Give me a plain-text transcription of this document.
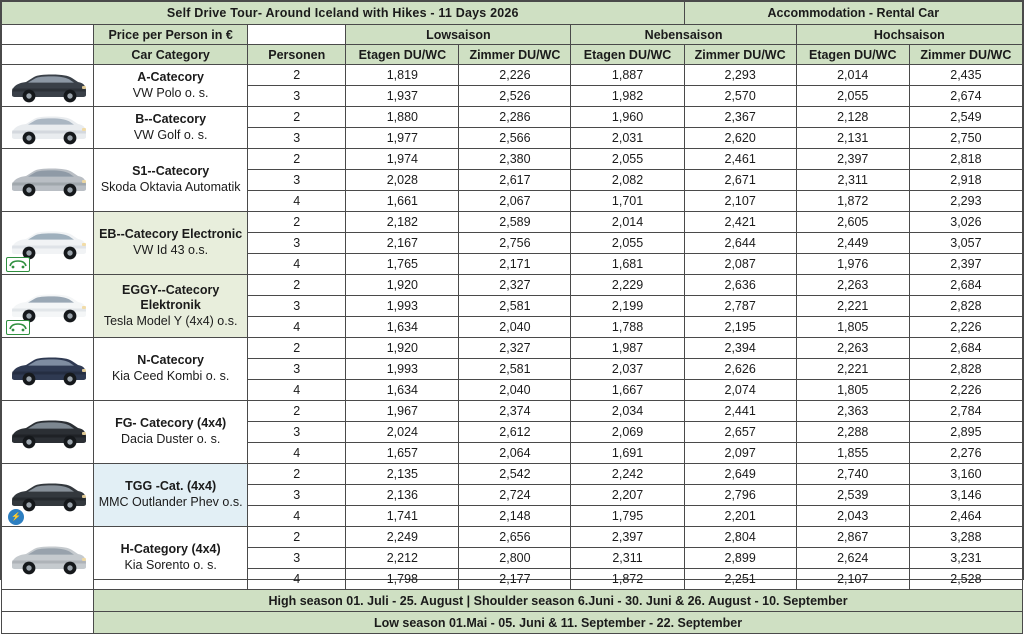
Self Drive Tour- Around Iceland with Hikes - 11 Days 2026						Accommodation - Rental Car		
	Price per Person in €		Lowsaison		Nebensaison		Hochsaison	
	Car Category	Personen	Etagen DU/WC	Zimmer DU/WC	Etagen DU/WC	Zimmer DU/WC	Etagen DU/WC	Zimmer DU/WC

A-Catecory
VW Polo o. s.	2	1,819	2,226	1,887	2,293	2,014	2,435
		3	1,937	2,526	1,982	2,570	2,055	2,674

B--Catecory
VW Golf o. s.	2	1,880	2,286	1,960	2,367	2,128	2,549
		3	1,977	2,566	2,031	2,620	2,131	2,750

S1--Catecory
Skoda Oktavia Automatik	2	1,974	2,380	2,055	2,461	2,397	2,818
		3	2,028	2,617	2,082	2,671	2,311	2,918
		4	1,661	2,067	1,701	2,107	1,872	2,293

EB--Catecory Electronic
VW Id 43 o.s.	2	2,182	2,589	2,014	2,421	2,605	3,026
		3	2,167	2,756	2,055	2,644	2,449	3,057
		4	1,765	2,171	1,681	2,087	1,976	2,397

EGGY--Catecory Elektronik
Tesla Model Y (4x4) o.s.	2	1,920	2,327	2,229	2,636	2,263	2,684
		3	1,993	2,581	2,199	2,787	2,221	2,828
		4	1,634	2,040	1,788	2,195	1,805	2,226

N-Catecory
Kia Ceed Kombi o. s.	2	1,920	2,327	1,987	2,394	2,263	2,684
		3	1,993	2,581	2,037	2,626	2,221	2,828
		4	1,634	2,040	1,667	2,074	1,805	2,226

FG- Catecory (4x4)
Dacia Duster o. s.	2	1,967	2,374	2,034	2,441	2,363	2,784
		3	2,024	2,612	2,069	2,657	2,288	2,895
		4	1,657	2,064	1,691	2,097	1,855	2,276

⚡	TGG -Cat. (4x4)
MMC Outlander Phev o.s.	2	2,135	2,542	2,242	2,649	2,740	3,160
		3	2,136	2,724	2,207	2,796	2,539	3,146
		4	1,741	2,148	1,795	2,201	2,043	2,464

H-Category (4x4)
Kia Sorento o. s.	2	2,249	2,656	2,397	2,804	2,867	3,288
		3	2,212	2,800	2,311	2,899	2,624	3,231
		4	1,798	2,177	1,872	2,251	2,107	2,528
	High season 01. Juli - 25. August | Shoulder season 6.Juni - 30. Juni & 26. August - 10. September							
	Low season 01.Mai - 05. Juni & 11. September - 22. September							
